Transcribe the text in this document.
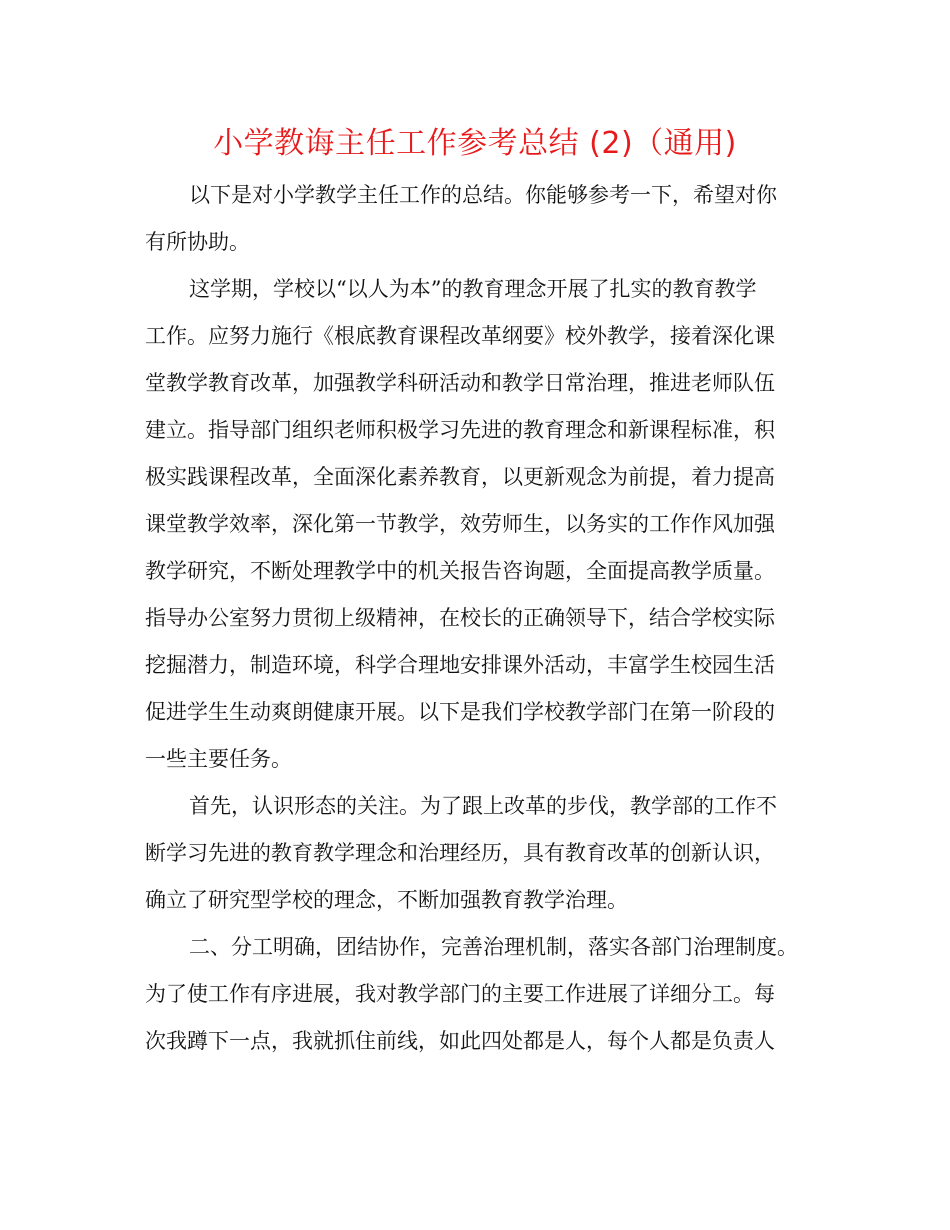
小学教诲主任工作参考总结 (2)（通用)
以下是对小学教学主任工作的总结。你能够参考一下，希望对你
有所协助。
这学期，学校以“以人为本”的教育理念开展了扎实的教育教学
工作。应努力施行《根底教育课程改革纲要》校外教学，接着深化课
堂教学教育改革，加强教学科研活动和教学日常治理，推进老师队伍
建立。指导部门组织老师积极学习先进的教育理念和新课程标准，积
极实践课程改革，全面深化素养教育，以更新观念为前提，着力提高
课堂教学效率，深化第一节教学，效劳师生，以务实的工作作风加强
教学研究，不断处理教学中的机关报告咨询题，全面提高教学质量。
指导办公室努力贯彻上级精神，在校长的正确领导下，结合学校实际
挖掘潜力，制造环境，科学合理地安排课外活动，丰富学生校园生活
促进学生生动爽朗健康开展。以下是我们学校教学部门在第一阶段的
一些主要任务。
首先，认识形态的关注。为了跟上改革的步伐，教学部的工作不
断学习先进的教育教学理念和治理经历，具有教育改革的创新认识，
确立了研究型学校的理念，不断加强教育教学治理。
二、分工明确，团结协作，完善治理机制，落实各部门治理制度。
为了使工作有序进展，我对教学部门的主要工作进展了详细分工。每
次我蹲下一点，我就抓住前线，如此四处都是人，每个人都是负责人
